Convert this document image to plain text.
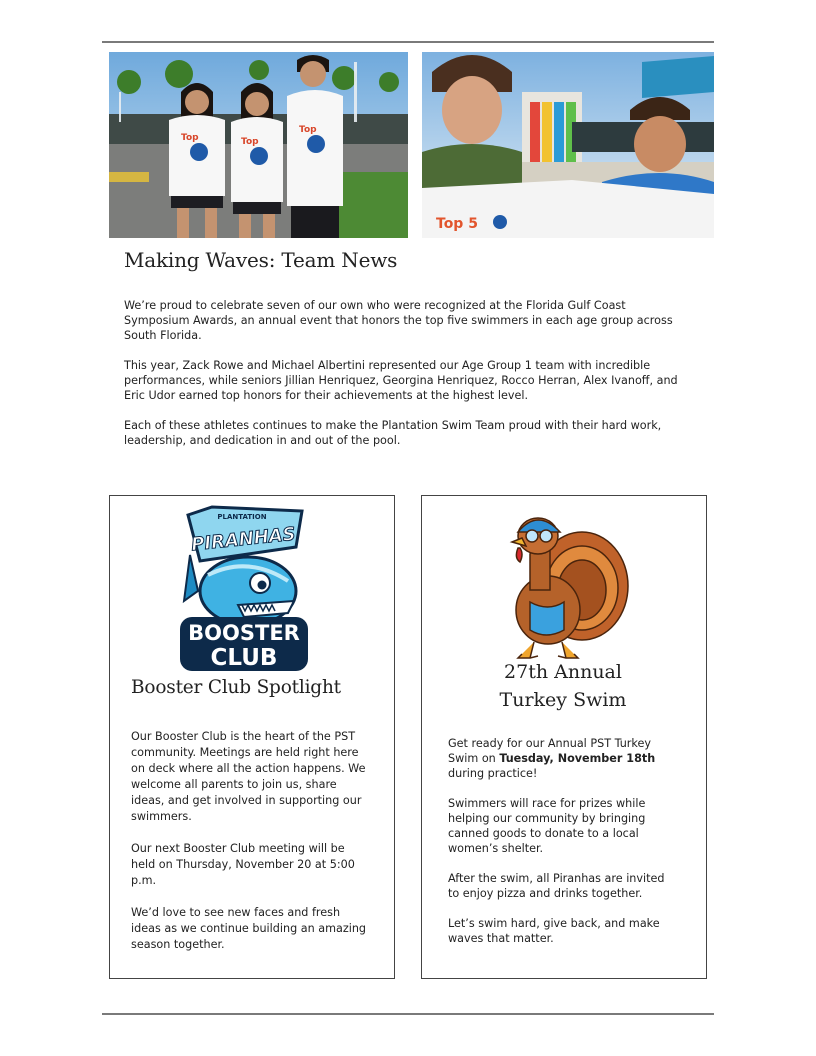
Top	Top
Top
Top 5
Making Waves: Team News

We’re proud to celebrate seven of our own who were recognized at the Florida Gulf Coast Symposium Awards, an annual event that honors the top five swimmers in each age group across South Florida.

This year, Zack Rowe and Michael Albertini represented our Age Group 1 team with incredible performances, while seniors Jillian Henriquez, Georgina Henriquez, Rocco Herran, Alex Ivanoff, and Eric Udor earned top honors for their achievements at the highest level.

Each of these athletes continues to make the Plantation Swim Team proud with their hard work, leadership, and dedication in and out of the pool.

PLANTATION
PIRANHAS
BOOSTER
CLUB
Booster Club Spotlight

Our Booster Club is the heart of the PST community. Meetings are held right here on deck where all the action happens. We welcome all parents to join us, share ideas, and get involved in supporting our swimmers.

Our next Booster Club meeting will be held on Thursday, November 20 at 5:00 p.m.

We’d love to see new faces and fresh ideas as we continue building an amazing season together.

27th Annual
Turkey Swim

Get ready for our Annual PST Turkey Swim on Tuesday, November 18th during practice!

Swimmers will race for prizes while helping our community by bringing canned goods to donate to a local women’s shelter.

After the swim, all Piranhas are invited to enjoy pizza and drinks together.

Let’s swim hard, give back, and make waves that matter.
